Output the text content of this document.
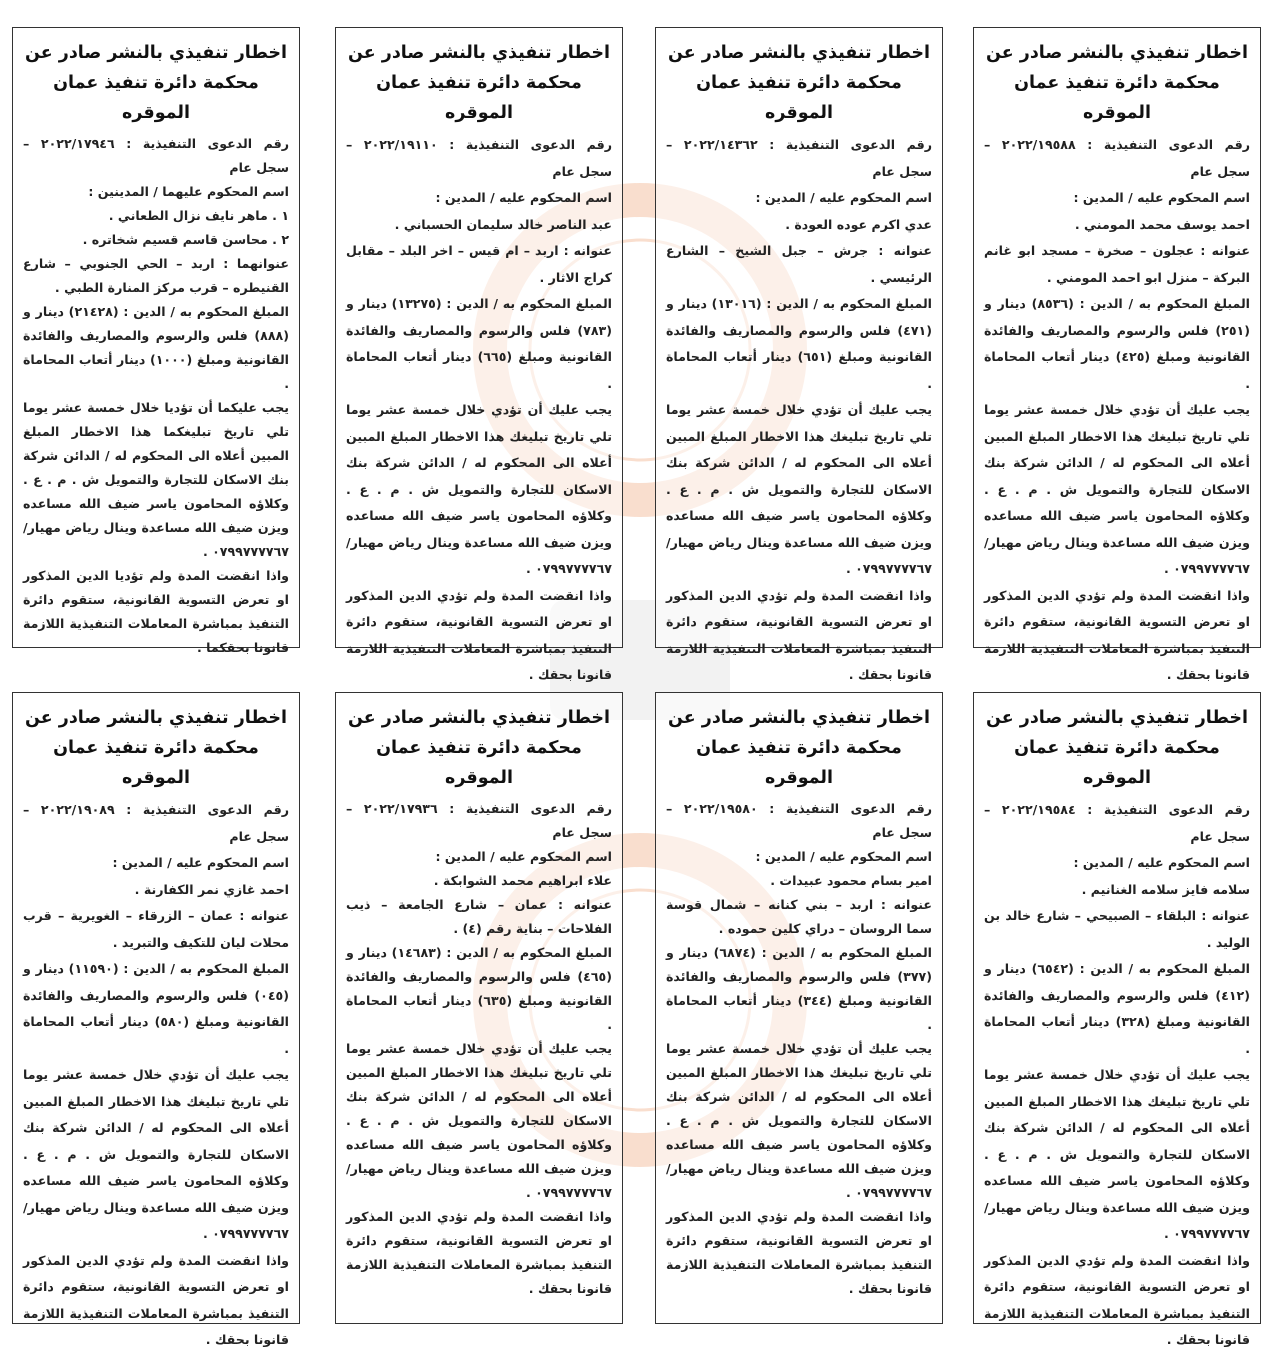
اخطار تنفيذي بالنشر صادر عن
محكمة دائرة تنفيذ عمان الموقره

رقم الدعوى التنفيذية : ٢٠٢٢/١٩٥٨٨ – سجل عام

اسم المحكوم عليه / المدين :

احمد يوسف محمد المومني .

عنوانه : عجلون – صخرة – مسجد ابو غانم البركة – منزل ابو احمد المومني .

المبلغ المحكوم به / الدين : (٨٥٣٦) دينار و (٢٥١) فلس والرسوم والمصاريف والفائدة القانونية ومبلغ (٤٢٥) دينار أتعاب المحاماة .

يجب عليك أن تؤدي خلال خمسة عشر يوما تلي تاريخ تبليغك هذا الاخطار المبلغ المبين أعلاه الى المحكوم له / الدائن شركة بنك الاسكان للتجارة والتمويل ش . م . ع . وكلاؤه المحامون ياسر ضيف الله مساعده ويزن ضيف الله مساعدة وينال رياض مهيار/ ٠٧٩٩٧٧٧٧٦٧ .

واذا انقضت المدة ولم تؤدي الدين المذكور او تعرض التسوية القانونية، ستقوم دائرة التنفيذ بمباشرة المعاملات التنفيذية اللازمة قانونا بحقك .

اخطار تنفيذي بالنشر صادر عن
محكمة دائرة تنفيذ عمان الموقره

رقم الدعوى التنفيذية : ٢٠٢٢/١٤٣٦٢ – سجل عام

اسم المحكوم عليه / المدين :

عدي اكرم عوده العودة .

عنوانه : جرش – جبل الشيخ – الشارع الرئيسي .

المبلغ المحكوم به / الدين : (١٣٠١٦) دينار و (٤٧١) فلس والرسوم والمصاريف والفائدة القانونية ومبلغ (٦٥١) دينار أتعاب المحاماة .

يجب عليك أن تؤدي خلال خمسة عشر يوما تلي تاريخ تبليغك هذا الاخطار المبلغ المبين أعلاه الى المحكوم له / الدائن شركة بنك الاسكان للتجارة والتمويل ش . م . ع . وكلاؤه المحامون ياسر ضيف الله مساعده ويزن ضيف الله مساعدة وينال رياض مهيار/ ٠٧٩٩٧٧٧٧٦٧ .

واذا انقضت المدة ولم تؤدي الدين المذكور او تعرض التسوية القانونية، ستقوم دائرة التنفيذ بمباشرة المعاملات التنفيذية اللازمة قانونا بحقك .

اخطار تنفيذي بالنشر صادر عن
محكمة دائرة تنفيذ عمان الموقره

رقم الدعوى التنفيذية : ٢٠٢٢/١٩١١٠ – سجل عام

اسم المحكوم عليه / المدين :

عبد الناصر خالد سليمان الحسباني .

عنوانه : اربد – ام قيس – اخر البلد – مقابل كراج الاثار .

المبلغ المحكوم به / الدين : (١٣٢٧٥) دينار و (٧٨٣) فلس والرسوم والمصاريف والفائدة القانونية ومبلغ (٦٦٥) دينار أتعاب المحاماة .

يجب عليك أن تؤدي خلال خمسة عشر يوما تلي تاريخ تبليغك هذا الاخطار المبلغ المبين أعلاه الى المحكوم له / الدائن شركة بنك الاسكان للتجارة والتمويل ش . م . ع . وكلاؤه المحامون ياسر ضيف الله مساعده ويزن ضيف الله مساعدة وينال رياض مهيار/ ٠٧٩٩٧٧٧٧٦٧ .

واذا انقضت المدة ولم تؤدي الدين المذكور او تعرض التسوية القانونية، ستقوم دائرة التنفيذ بمباشرة المعاملات التنفيذية اللازمة قانونا بحقك .

اخطار تنفيذي بالنشر صادر عن
محكمة دائرة تنفيذ عمان الموقره

رقم الدعوى التنفيذية : ٢٠٢٢/١٧٩٤٦ – سجل عام

اسم المحكوم عليهما / المدينين :

١ . ماهر نايف نزال الطعاني .

٢ . محاسن قاسم قسيم شخاتره .

عنوانهما : اربد – الحي الجنوبي – شارع القنيطره – قرب مركز المنارة الطبي .

المبلغ المحكوم به / الدين : (٢١٤٢٨) دينار و (٨٨٨) فلس والرسوم والمصاريف والفائدة القانونية ومبلغ (١٠٠٠) دينار أتعاب المحاماة .

يجب عليكما أن تؤديا خلال خمسة عشر يوما تلي تاريخ تبليغكما هذا الاخطار المبلغ المبين أعلاه الى المحكوم له / الدائن شركة بنك الاسكان للتجارة والتمويل ش . م . ع . وكلاؤه المحامون ياسر ضيف الله مساعده ويزن ضيف الله مساعدة وينال رياض مهيار/ ٠٧٩٩٧٧٧٧٦٧ .

واذا انقضت المدة ولم تؤديا الدين المذكور او تعرض التسوية القانونية، ستقوم دائرة التنفيذ بمباشرة المعاملات التنفيذية اللازمة قانونا بحقكما .

اخطار تنفيذي بالنشر صادر عن
محكمة دائرة تنفيذ عمان الموقره

رقم الدعوى التنفيذية : ٢٠٢٢/١٩٥٨٤ – سجل عام

اسم المحكوم عليه / المدين :

سلامه فايز سلامه الغنانيم .

عنوانه : البلقاء – الصبيحي – شارع خالد بن الوليد .

المبلغ المحكوم به / الدين : (٦٥٤٢) دينار و (٤١٢) فلس والرسوم والمصاريف والفائدة القانونية ومبلغ (٣٢٨) دينار أتعاب المحاماة .

يجب عليك أن تؤدي خلال خمسة عشر يوما تلي تاريخ تبليغك هذا الاخطار المبلغ المبين أعلاه الى المحكوم له / الدائن شركة بنك الاسكان للتجارة والتمويل ش . م . ع . وكلاؤه المحامون ياسر ضيف الله مساعده ويزن ضيف الله مساعدة وينال رياض مهيار/ ٠٧٩٩٧٧٧٧٦٧ .

واذا انقضت المدة ولم تؤدي الدين المذكور او تعرض التسوية القانونية، ستقوم دائرة التنفيذ بمباشرة المعاملات التنفيذية اللازمة قانونا بحقك .

اخطار تنفيذي بالنشر صادر عن
محكمة دائرة تنفيذ عمان الموقره

رقم الدعوى التنفيذية : ٢٠٢٢/١٩٥٨٠ – سجل عام

اسم المحكوم عليه / المدين :

امير بسام محمود عبيدات .

عنوانه : اربد – بني كنانه – شمال قوسة سما الروسان – دراي كلين حموده .

المبلغ المحكوم به / الدين : (٦٨٧٤) دينار و (٣٧٧) فلس والرسوم والمصاريف والفائدة القانونية ومبلغ (٣٤٤) دينار أتعاب المحاماة .

يجب عليك أن تؤدي خلال خمسة عشر يوما تلي تاريخ تبليغك هذا الاخطار المبلغ المبين أعلاه الى المحكوم له / الدائن شركة بنك الاسكان للتجارة والتمويل ش . م . ع . وكلاؤه المحامون ياسر ضيف الله مساعده ويزن ضيف الله مساعدة وينال رياض مهيار/ ٠٧٩٩٧٧٧٧٦٧ .

واذا انقضت المدة ولم تؤدي الدين المذكور او تعرض التسوية القانونية، ستقوم دائرة التنفيذ بمباشرة المعاملات التنفيذية اللازمة قانونا بحقك .

اخطار تنفيذي بالنشر صادر عن
محكمة دائرة تنفيذ عمان الموقره

رقم الدعوى التنفيذية : ٢٠٢٢/١٧٩٣٦ – سجل عام

اسم المحكوم عليه / المدين :

علاء ابراهيم محمد الشوابكة .

عنوانه : عمان – شارع الجامعة – ذيب الفلاحات – بناية رقم (٤) .

المبلغ المحكوم به / الدين : (١٤٦٨٣) دينار و (٤٦٥) فلس والرسوم والمصاريف والفائدة القانونية ومبلغ (٦٣٥) دينار أتعاب المحاماة .

يجب عليك أن تؤدي خلال خمسة عشر يوما تلي تاريخ تبليغك هذا الاخطار المبلغ المبين أعلاه الى المحكوم له / الدائن شركة بنك الاسكان للتجارة والتمويل ش . م . ع . وكلاؤه المحامون ياسر ضيف الله مساعده ويزن ضيف الله مساعدة وينال رياض مهيار/ ٠٧٩٩٧٧٧٧٦٧ .

واذا انقضت المدة ولم تؤدي الدين المذكور او تعرض التسوية القانونية، ستقوم دائرة التنفيذ بمباشرة المعاملات التنفيذية اللازمة قانونا بحقك .

اخطار تنفيذي بالنشر صادر عن
محكمة دائرة تنفيذ عمان الموقره

رقم الدعوى التنفيذية : ٢٠٢٢/١٩٠٨٩ – سجل عام

اسم المحكوم عليه / المدين :

احمد غازي نمر الكفارنة .

عنوانه : عمان – الزرقاء – الغويرية – قرب محلات ليان للتكيف والتبريد .

المبلغ المحكوم به / الدين : (١١٥٩٠) دينار و (٠٤٥) فلس والرسوم والمصاريف والفائدة القانونية ومبلغ (٥٨٠) دينار أتعاب المحاماة .

يجب عليك أن تؤدي خلال خمسة عشر يوما تلي تاريخ تبليغك هذا الاخطار المبلغ المبين أعلاه الى المحكوم له / الدائن شركة بنك الاسكان للتجارة والتمويل ش . م . ع . وكلاؤه المحامون ياسر ضيف الله مساعده ويزن ضيف الله مساعدة وينال رياض مهيار/ ٠٧٩٩٧٧٧٧٦٧ .

واذا انقضت المدة ولم تؤدي الدين المذكور او تعرض التسوية القانونية، ستقوم دائرة التنفيذ بمباشرة المعاملات التنفيذية اللازمة قانونا بحقك .
